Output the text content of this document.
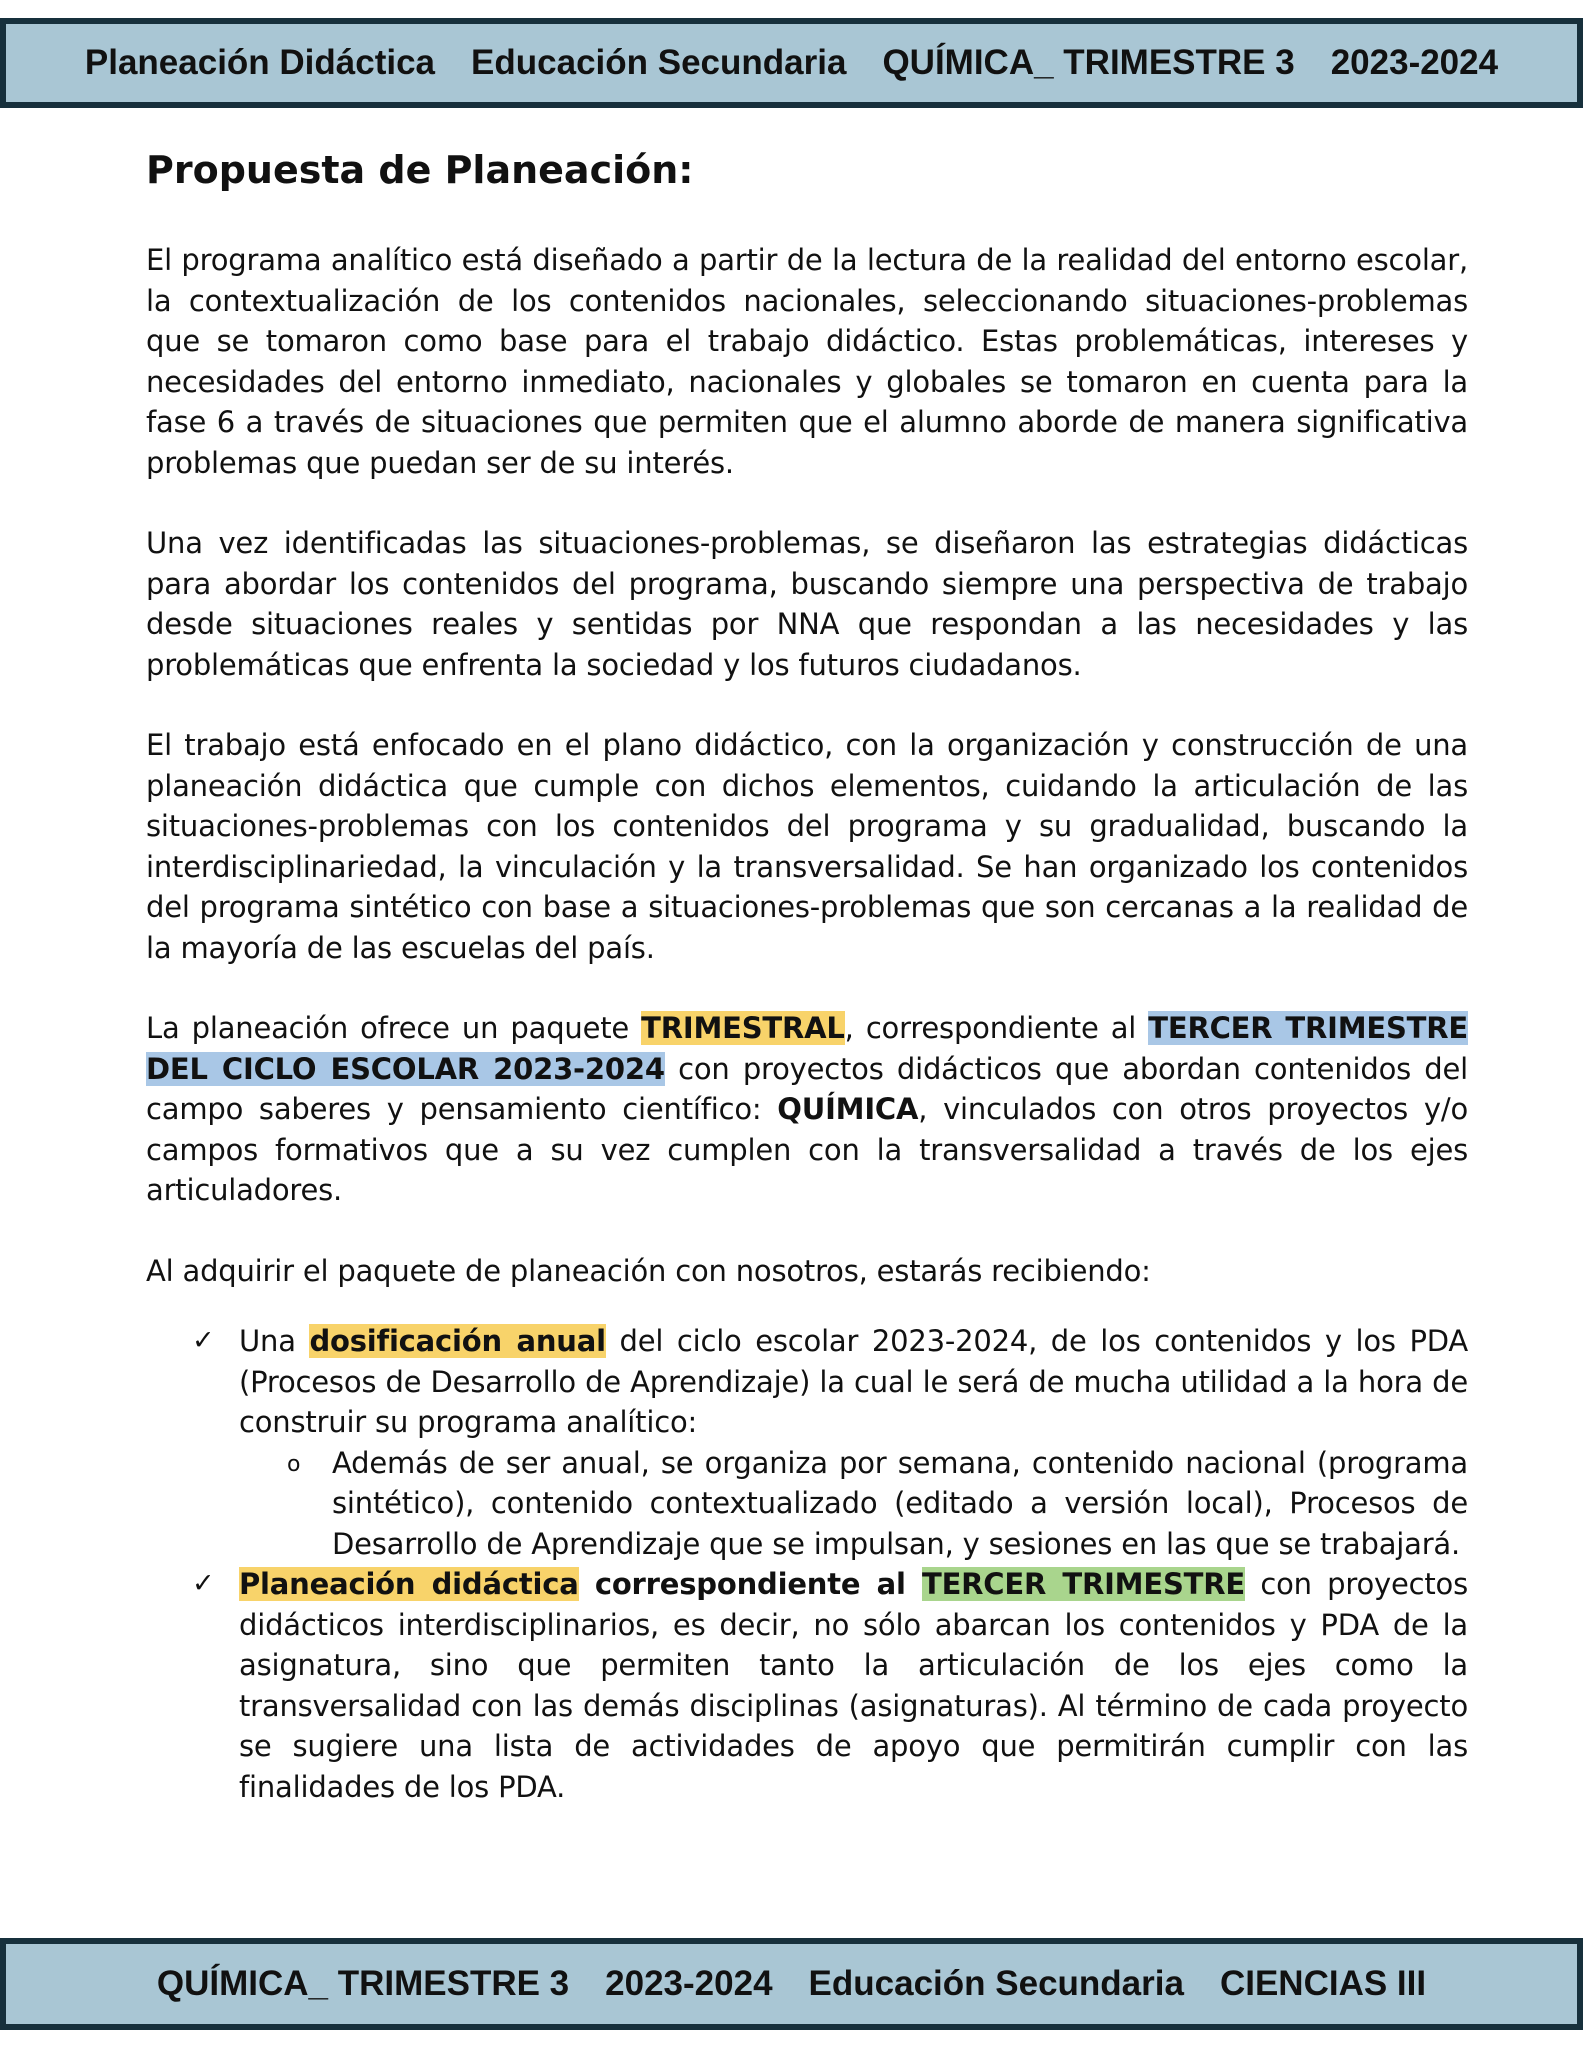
Planeación Didáctica Educación Secundaria QUÍMICA_ TRIMESTRE 3 2023-2024
Propuesta de Planeación:

El programa analítico está diseñado a partir de la lectura de la realidad del entorno escolar, la contextualización de los contenidos nacionales, seleccionando situaciones-problemas que se tomaron como base para el trabajo didáctico. Estas problemáticas, intereses y necesidades del entorno inmediato, nacionales y globales se tomaron en cuenta para la fase 6 a través de situaciones que permiten que el alumno aborde de manera significativa problemas que puedan ser de su interés.

Una vez identificadas las situaciones-problemas, se diseñaron las estrategias didácticas para abordar los contenidos del programa, buscando siempre una perspectiva de trabajo desde situaciones reales y sentidas por NNA que respondan a las necesidades y las problemáticas que enfrenta la sociedad y los futuros ciudadanos.

El trabajo está enfocado en el plano didáctico, con la organización y construcción de una planeación didáctica que cumple con dichos elementos, cuidando la articulación de las situaciones-problemas con los contenidos del programa y su gradualidad, buscando la interdisciplinariedad, la vinculación y la transversalidad. Se han organizado los contenidos del programa sintético con base a situaciones-problemas que son cercanas a la realidad de la mayoría de las escuelas del país.

La planeación ofrece un paquete TRIMESTRAL, correspondiente al TERCER TRIMESTRE DEL CICLO ESCOLAR 2023-2024 con proyectos didácticos que abordan contenidos del campo saberes y pensamiento científico: QUÍMICA, vinculados con otros proyectos y/o campos formativos que a su vez cumplen con la transversalidad a través de los ejes articuladores.

Al adquirir el paquete de planeación con nosotros, estarás recibiendo:

✓ Una dosificación anual del ciclo escolar 2023-2024, de los contenidos y los PDA (Procesos de Desarrollo de Aprendizaje) la cual le será de mucha utilidad a la hora de construir su programa analítico:
o Además de ser anual, se organiza por semana, contenido nacional (programa sintético), contenido contextualizado (editado a versión local), Procesos de Desarrollo de Aprendizaje que se impulsan, y sesiones en las que se trabajará.
✓ Planeación didáctica correspondiente al TERCER TRIMESTRE con proyectos didácticos interdisciplinarios, es decir, no sólo abarcan los contenidos y PDA de la asignatura, sino que permiten tanto la articulación de los ejes como la transversalidad con las demás disciplinas (asignaturas). Al término de cada proyecto se sugiere una lista de actividades de apoyo que permitirán cumplir con las finalidades de los PDA.
QUÍMICA_ TRIMESTRE 3 2023-2024 Educación Secundaria CIENCIAS III
